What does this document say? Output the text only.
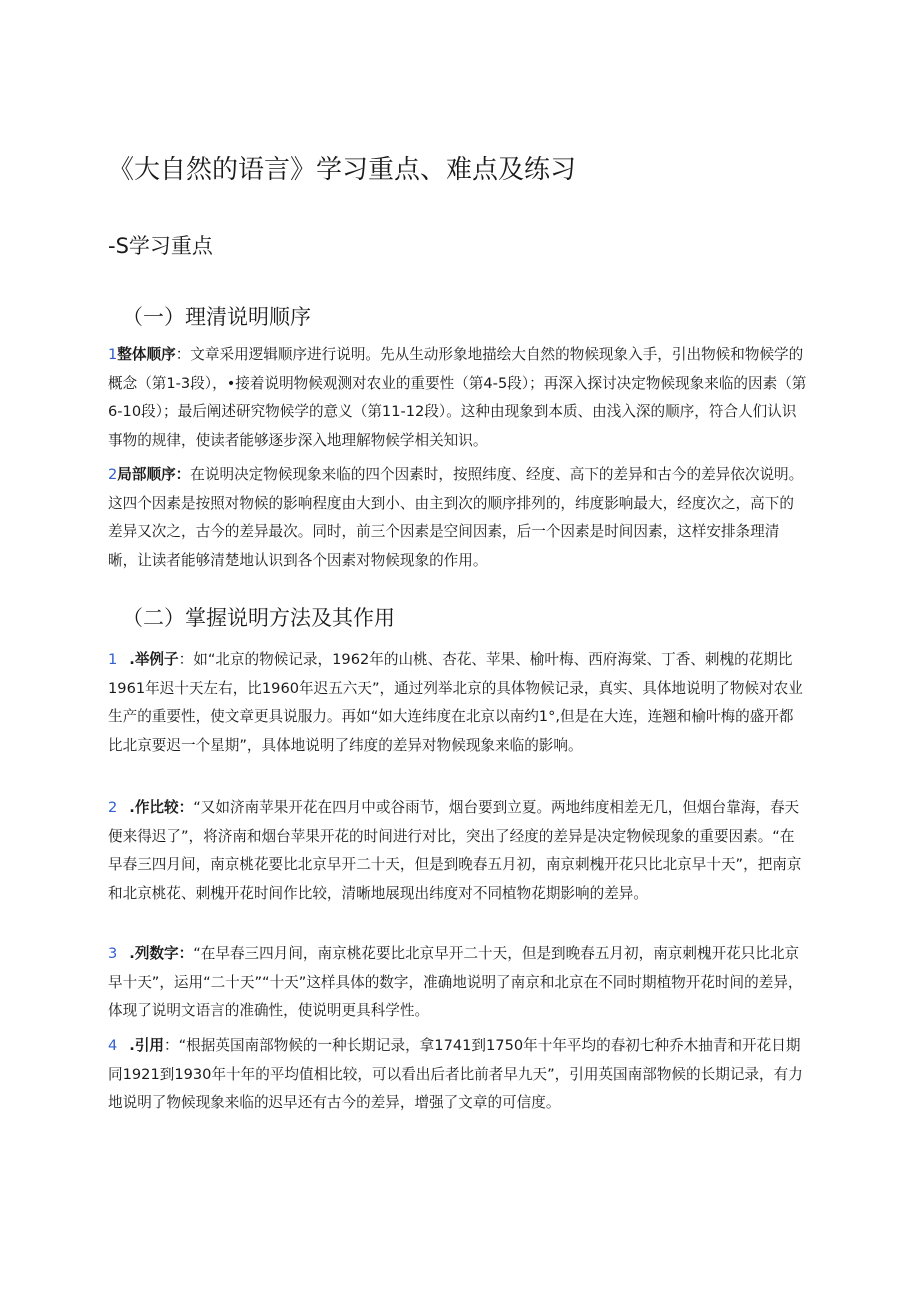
《大自然的语言》学习重点、难点及练习
-S学习重点
（一）理清说明顺序

1整体顺序：文章采用逻辑顺序进行说明。先从生动形象地描绘大自然的物候现象入手，引出物候和物候学的概念（第1-3段），•接着说明物候观测对农业的重要性（第4-5段）；再深入探讨决定物候现象来临的因素（第6-10段）；最后阐述研究物候学的意义（第11-12段）。这种由现象到本质、由浅入深的顺序，符合人们认识事物的规律，使读者能够逐步深入地理解物候学相关知识。

2局部顺序：在说明决定物候现象来临的四个因素时，按照纬度、经度、高下的差异和古今的差异依次说明。这四个因素是按照对物候的影响程度由大到小、由主到次的顺序排列的，纬度影响最大，经度次之，高下的差异又次之，古今的差异最次。同时，前三个因素是空间因素，后一个因素是时间因素，这样安排条理清晰，让读者能够清楚地认识到各个因素对物候现象的作用。

（二）掌握说明方法及其作用

1 .举例子：如“北京的物候记录，1962年的山桃、杏花、苹果、榆叶梅、西府海棠、丁香、刺槐的花期比1961年迟十天左右，比1960年迟五六天”，通过列举北京的具体物候记录，真实、具体地说明了物候对农业生产的重要性，使文章更具说服力。再如“如大连纬度在北京以南约1°,但是在大连，连翘和榆叶梅的盛开都比北京要迟一个星期”，具体地说明了纬度的差异对物候现象来临的影响。

2 .作比较：“又如济南苹果开花在四月中或谷雨节，烟台要到立夏。两地纬度相差无几，但烟台靠海，春天便来得迟了”，将济南和烟台苹果开花的时间进行对比，突出了经度的差异是决定物候现象的重要因素。“在早春三四月间，南京桃花要比北京早开二十天，但是到晚春五月初，南京刺槐开花只比北京早十天”，把南京和北京桃花、刺槐开花时间作比较，清晰地展现出纬度对不同植物花期影响的差异。

3 .列数字：“在早春三四月间，南京桃花要比北京早开二十天，但是到晚春五月初，南京刺槐开花只比北京早十天”，运用“二十天”“十天”这样具体的数字，准确地说明了南京和北京在不同时期植物开花时间的差异，体现了说明文语言的准确性，使说明更具科学性。

4 .引用：“根据英国南部物候的一种长期记录，拿1741到1750年十年平均的春初七种乔木抽青和开花日期同1921到1930年十年的平均值相比较，可以看出后者比前者早九天”，引用英国南部物候的长期记录，有力地说明了物候现象来临的迟早还有古今的差异，增强了文章的可信度。
